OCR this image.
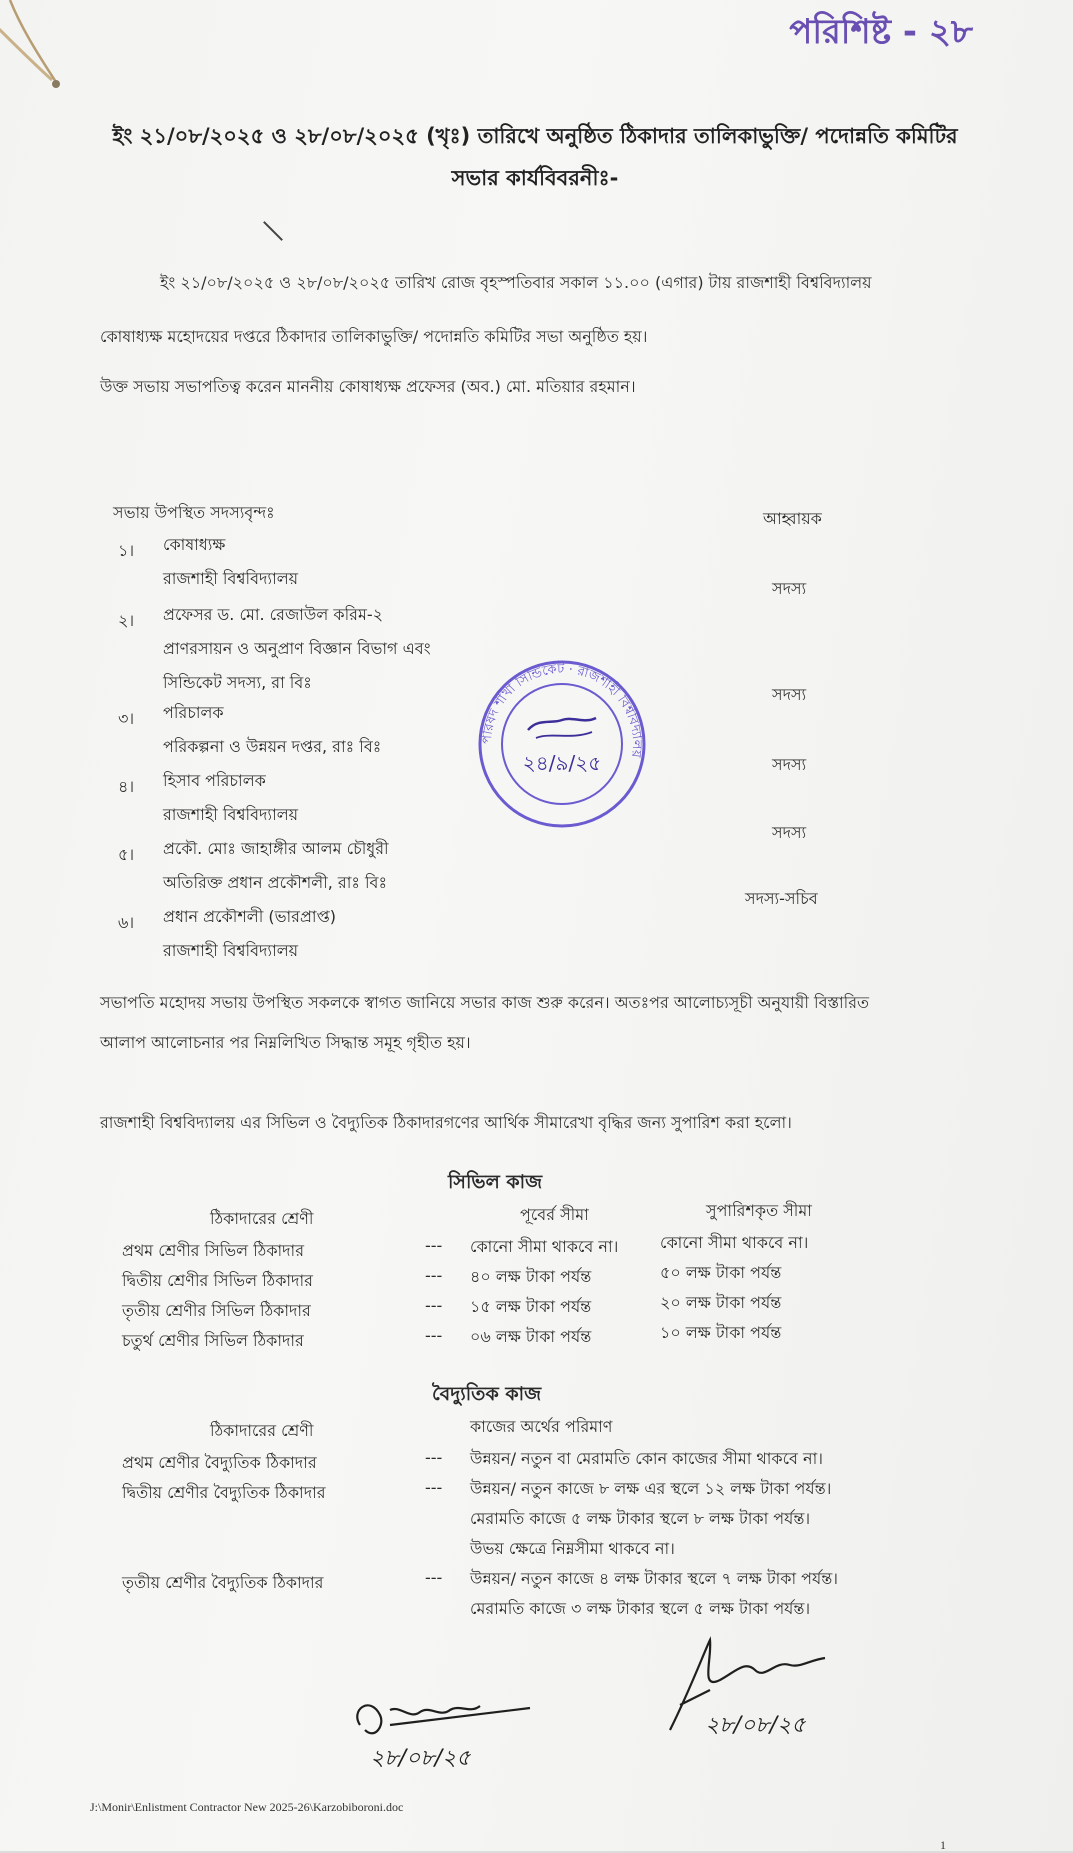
পরিশিষ্ট - ২৮
ইং ২১/০৮/২০২৫ ও ২৮/০৮/২০২৫ (খৃঃ) তারিখে অনুষ্ঠিত ঠিকাদার তালিকাভুক্তি/ পদোন্নতি কমিটির
সভার কার্যবিবরনীঃ-
ইং ২১/০৮/২০২৫ ও ২৮/০৮/২০২৫ তারিখ রোজ বৃহস্পতিবার সকাল ১১.০০ (এগার) টায় রাজশাহী বিশ্ববিদ্যালয়
কোষাধ্যক্ষ মহোদয়ের দপ্তরে ঠিকাদার তালিকাভুক্তি/ পদোন্নতি কমিটির সভা অনুষ্ঠিত হয়।
উক্ত সভায় সভাপতিত্ব করেন মাননীয় কোষাধ্যক্ষ প্রফেসর (অব.) মো. মতিয়ার রহমান।
সভায় উপস্থিত সদস্যবৃন্দঃ
১। কোষাধ্যক্ষ
রাজশাহী বিশ্ববিদ্যালয়
আহ্বায়ক
২। প্রফেসর ড. মো. রেজাউল করিম-২
প্রাণরসায়ন ও অনুপ্রাণ বিজ্ঞান বিভাগ এবং
সিন্ডিকেট সদস্য, রা বিঃ
সদস্য
৩। পরিচালক
পরিকল্পনা ও উন্নয়ন দপ্তর, রাঃ বিঃ
সদস্য
৪। হিসাব পরিচালক
রাজশাহী বিশ্ববিদ্যালয়
সদস্য
৫। প্রকৌ. মোঃ জাহাঙ্গীর আলম চৌধুরী
অতিরিক্ত প্রধান প্রকৌশলী, রাঃ বিঃ
সদস্য
৬। প্রধান প্রকৌশলী (ভারপ্রাপ্ত)
রাজশাহী বিশ্ববিদ্যালয়
সদস্য-সচিব
পরিষদ শাখা সিন্ডিকেট · রাজশাহী বিশ্ববিদ্যালয়
২৪/৯/২৫
সভাপতি মহোদয় সভায় উপস্থিত সকলকে স্বাগত জানিয়ে সভার কাজ শুরু করেন। অতঃপর আলোচ্যসূচী অনুযায়ী বিস্তারিত
আলাপ আলোচনার পর নিম্নলিখিত সিদ্ধান্ত সমূহ গৃহীত হয়।
রাজশাহী বিশ্ববিদ্যালয় এর সিভিল ও বৈদ্যুতিক ঠিকাদারগণের আর্থিক সীমারেখা বৃদ্ধির জন্য সুপারিশ করা হলো।
সিভিল কাজ
ঠিকাদারের শ্রেণী	পূবের্র সীমা	সুপারিশকৃত সীমা
প্রথম শ্রেণীর সিভিল ঠিকাদার	--- কোনো সীমা থাকবে না।	কোনো সীমা থাকবে না।
দ্বিতীয় শ্রেণীর সিভিল ঠিকাদার	--- ৪০ লক্ষ টাকা পর্যন্ত	৫০ লক্ষ টাকা পর্যন্ত
তৃতীয় শ্রেণীর সিভিল ঠিকাদার	--- ১৫ লক্ষ টাকা পর্যন্ত	২০ লক্ষ টাকা পর্যন্ত
চতুর্থ শ্রেণীর সিভিল ঠিকাদার	--- ০৬ লক্ষ টাকা পর্যন্ত	১০ লক্ষ টাকা পর্যন্ত
বৈদ্যুতিক কাজ
ঠিকাদারের শ্রেণী	কাজের অর্থের পরিমাণ
প্রথম শ্রেণীর বৈদ্যুতিক ঠিকাদার	--- উন্নয়ন/ নতুন বা মেরামতি কোন কাজের সীমা থাকবে না।
দ্বিতীয় শ্রেণীর বৈদ্যুতিক ঠিকাদার	--- উন্নয়ন/ নতুন কাজে ৮ লক্ষ এর স্থলে ১২ লক্ষ টাকা পর্যন্ত।
মেরামতি কাজে ৫ লক্ষ টাকার স্থলে ৮ লক্ষ টাকা পর্যন্ত।
উভয় ক্ষেত্রে নিম্নসীমা থাকবে না।
তৃতীয় শ্রেণীর বৈদ্যুতিক ঠিকাদার	--- উন্নয়ন/ নতুন কাজে ৪ লক্ষ টাকার স্থলে ৭ লক্ষ টাকা পর্যন্ত।
মেরামতি কাজে ৩ লক্ষ টাকার স্থলে ৫ লক্ষ টাকা পর্যন্ত।
২৮/০৮/২৫
২৮/০৮/২৫
J:\Monir\Enlistment Contractor New 2025-26\Karzobiboroni.doc
1
